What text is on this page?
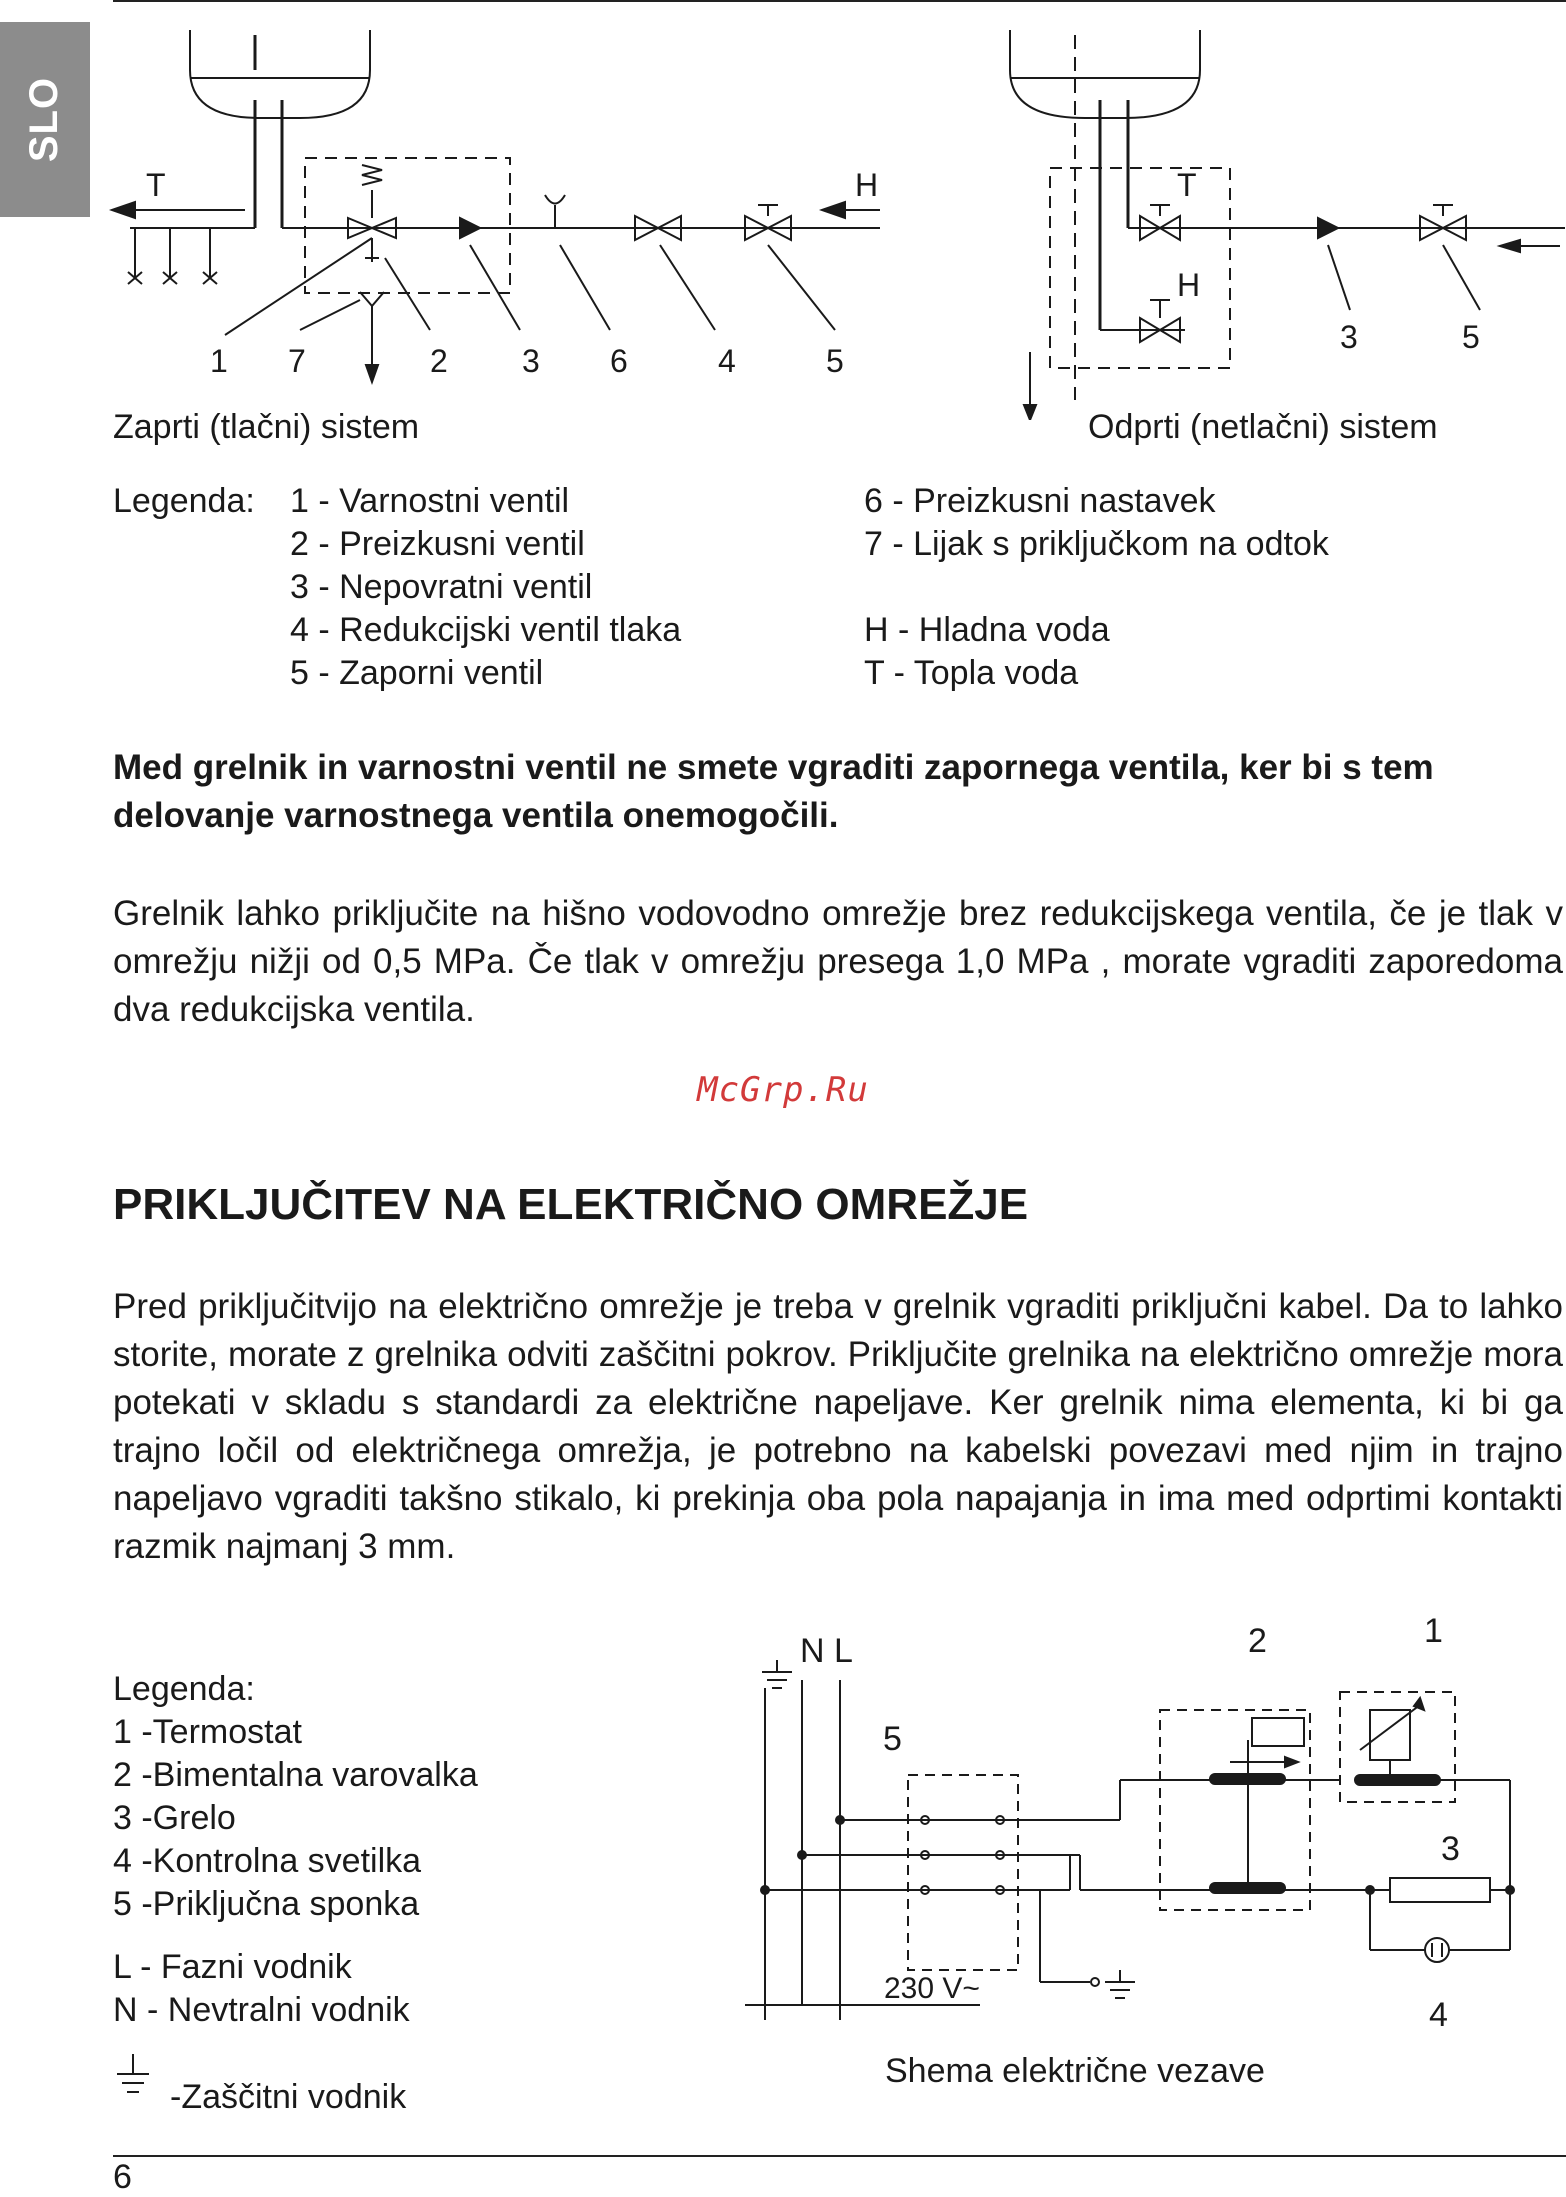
SLO
T	H
1 7	2 3 6	4	5
T
H
3	5
Zaprti (tlačni) sistem	Odprti (netlačni) sistem
Legenda: 1 - Varnostni ventil
2 - Preizkusni ventil
3 - Nepovratni ventil
4 - Redukcijski ventil tlaka
5 - Zaporni ventil
6 - Preizkusni nastavek
7 - Lijak s priključkom na odtok

H - Hladna voda
T - Topla voda
Med grelnik in varnostni ventil ne smete vgraditi zapornega ventila, ker bi s tem delovanje varnostnega ventila onemogočili.
Grelnik lahko priključite na hišno vodovodno omrežje brez redukcijskega ventila, če je tlak v omrežju nižji od 0,5 MPa. Če tlak v omrežju presega 1,0 MPa , morate vgraditi zaporedoma dva redukcijska ventila.
McGrp.Ru
PRIKLJUČITEV NA ELEKTRIČNO OMREŽJE
Pred priključitvijo na električno omrežje je treba v grelnik vgraditi priključni kabel. Da to lahko storite, morate z grelnika odviti zaščitni pokrov. Priključite grelnika na električno omrežje mora potekati v skladu s standardi za električne napeljave. Ker grelnik nima elementa, ki bi ga trajno ločil od električnega omrežja, je potrebno na kabelski povezavi med njim in trajno napeljavo vgraditi takšno stikalo, ki prekinja oba pola napajanja in ima med odprtimi kontakti razmik najmanj 3 mm.
Legenda:
1 -Termostat
2 -Bimentalna varovalka
3 -Grelo
4 -Kontrolna svetilka
5 -Priključna sponka
L - Fazni vodnik
N - Nevtralni vodnik
-Zaščitni vodnik
N L
5
2	1
3
4
230 V~
Shema električne vezave
6
